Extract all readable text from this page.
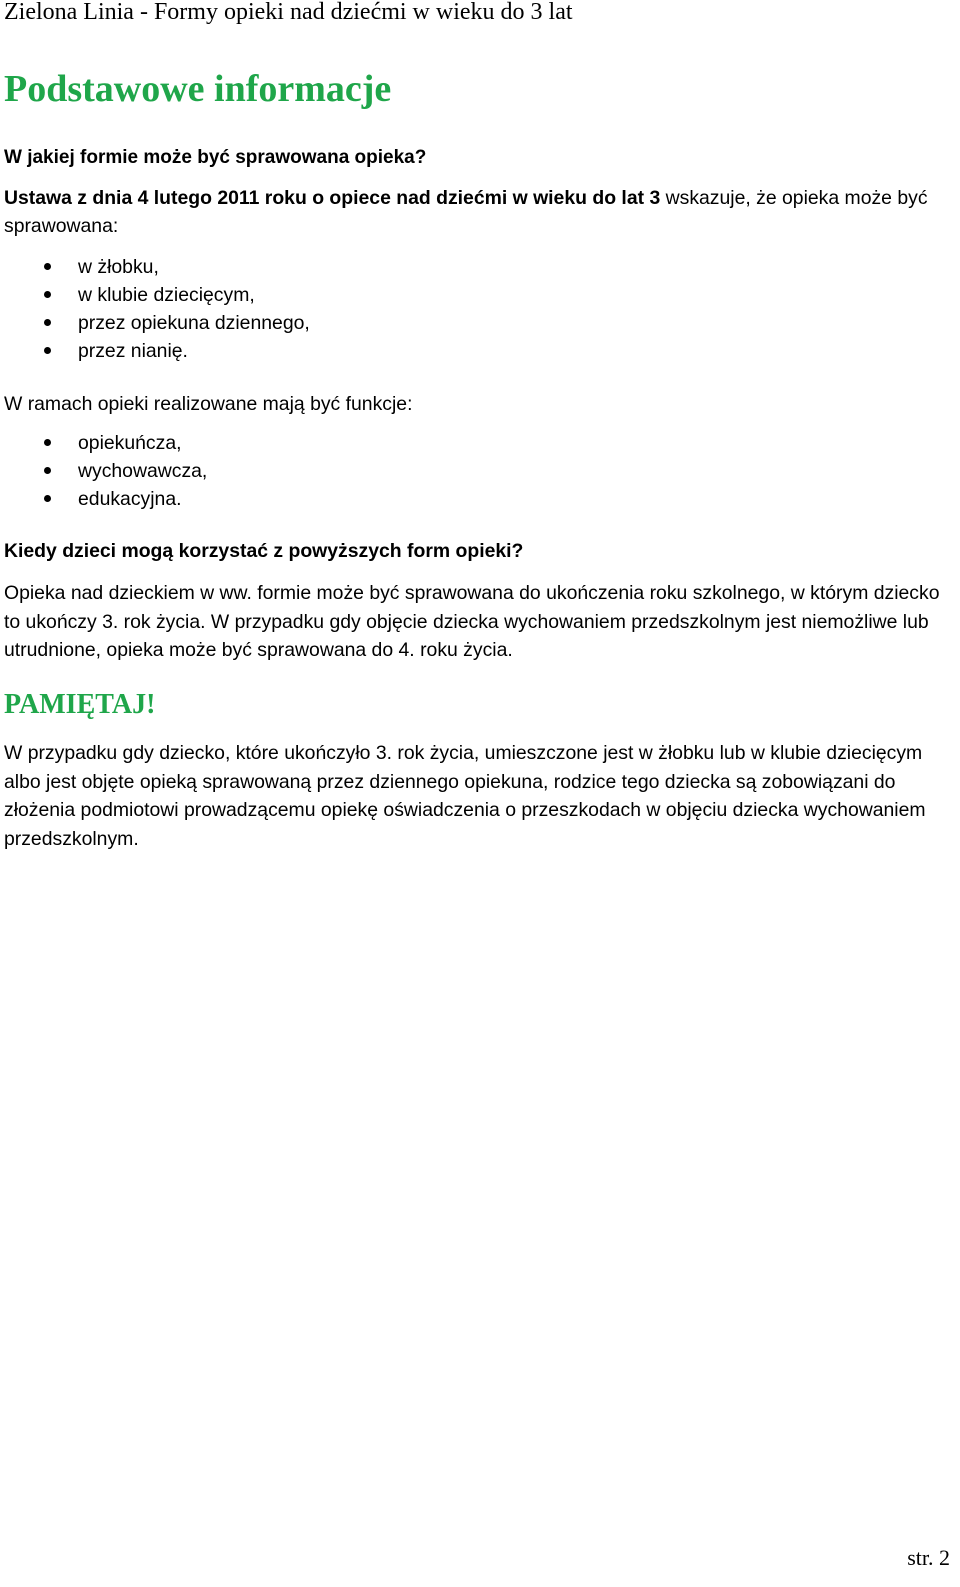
Zielona Linia - Formy opieki nad dziećmi w wieku do 3 lat
Podstawowe informacje
W jakiej formie może być sprawowana opieka?
Ustawa z dnia 4 lutego 2011 roku o opiece nad dziećmi w wieku do lat 3 wskazuje, że opieka może być sprawowana:
w żłobku,
w klubie dziecięcym,
przez opiekuna dziennego,
przez nianię.
W ramach opieki realizowane mają być funkcje:
opiekuńcza,
wychowawcza,
edukacyjna.
Kiedy dzieci mogą korzystać z powyższych form opieki?
Opieka nad dzieckiem w ww. formie może być sprawowana do ukończenia roku szkolnego, w którym dziecko to ukończy 3. rok życia. W przypadku gdy objęcie dziecka wychowaniem przedszkolnym jest niemożliwe lub utrudnione, opieka może być sprawowana do 4. roku życia.
PAMIĘTAJ!
W przypadku gdy dziecko, które ukończyło 3. rok życia, umieszczone jest w żłobku lub w klubie dziecięcym albo jest objęte opieką sprawowaną przez dziennego opiekuna, rodzice tego dziecka są zobowiązani do złożenia podmiotowi prowadzącemu opiekę oświadczenia o przeszkodach w objęciu dziecka wychowaniem przedszkolnym.
str. 2
